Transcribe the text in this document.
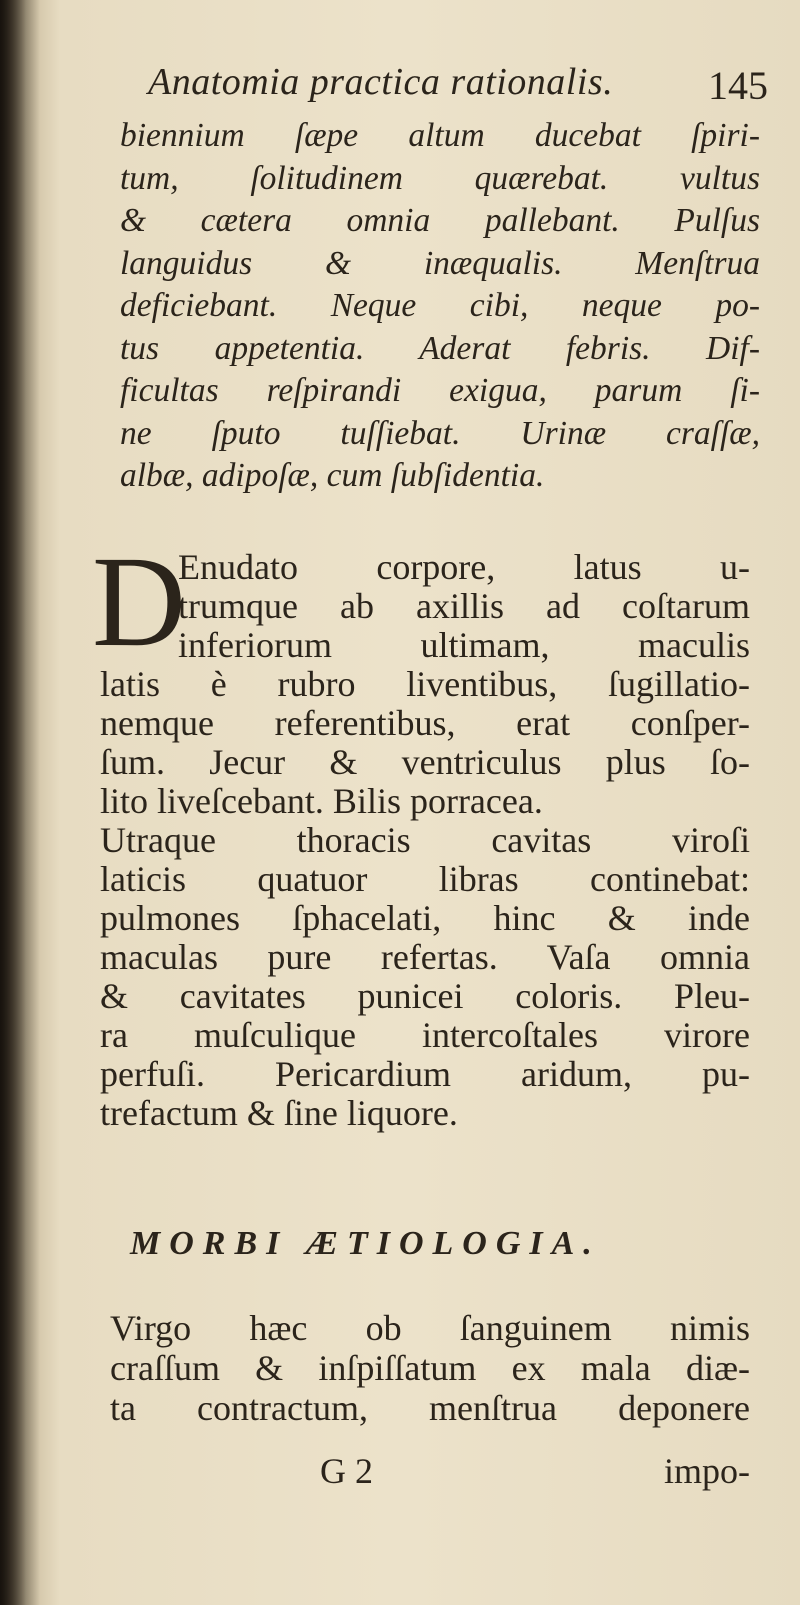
Anatomia practica rationalis. 145
biennium ſæpe altum ducebat ſpiri-
tum, ſolitudinem quærebat. vultus
& cætera omnia pallebant. Pulſus
languidus & inæqualis. Menſtrua
deficiebant. Neque cibi, neque po-
tus appetentia. Aderat febris. Dif-
ficultas reſpirandi exigua, parum ſi-
ne ſputo tuſſiebat. Urinæ craſſæ,
albæ, adipoſæ, cum ſubſidentia.
D
Enudato corpore, latus u-
trumque ab axillis ad coſtarum
inferiorum ultimam, maculis
latis è rubro liventibus, ſugillatio-
nemque referentibus, erat conſper-
ſum. Jecur & ventriculus plus ſo-
lito liveſcebant. Bilis porracea.
Utraque thoracis cavitas viroſi
laticis quatuor libras continebat:
pulmones ſphacelati, hinc & inde
maculas pure refertas. Vaſa omnia
& cavitates punicei coloris. Pleu-
ra muſculique intercoſtales virore
perfuſi. Pericardium aridum, pu-
trefactum & ſine liquore.
MORBI ÆTIOLOGIA.
Virgo hæc ob ſanguinem nimis
craſſum & inſpiſſatum ex mala diæ-
ta contractum, menſtrua deponere
G 2	impo-
